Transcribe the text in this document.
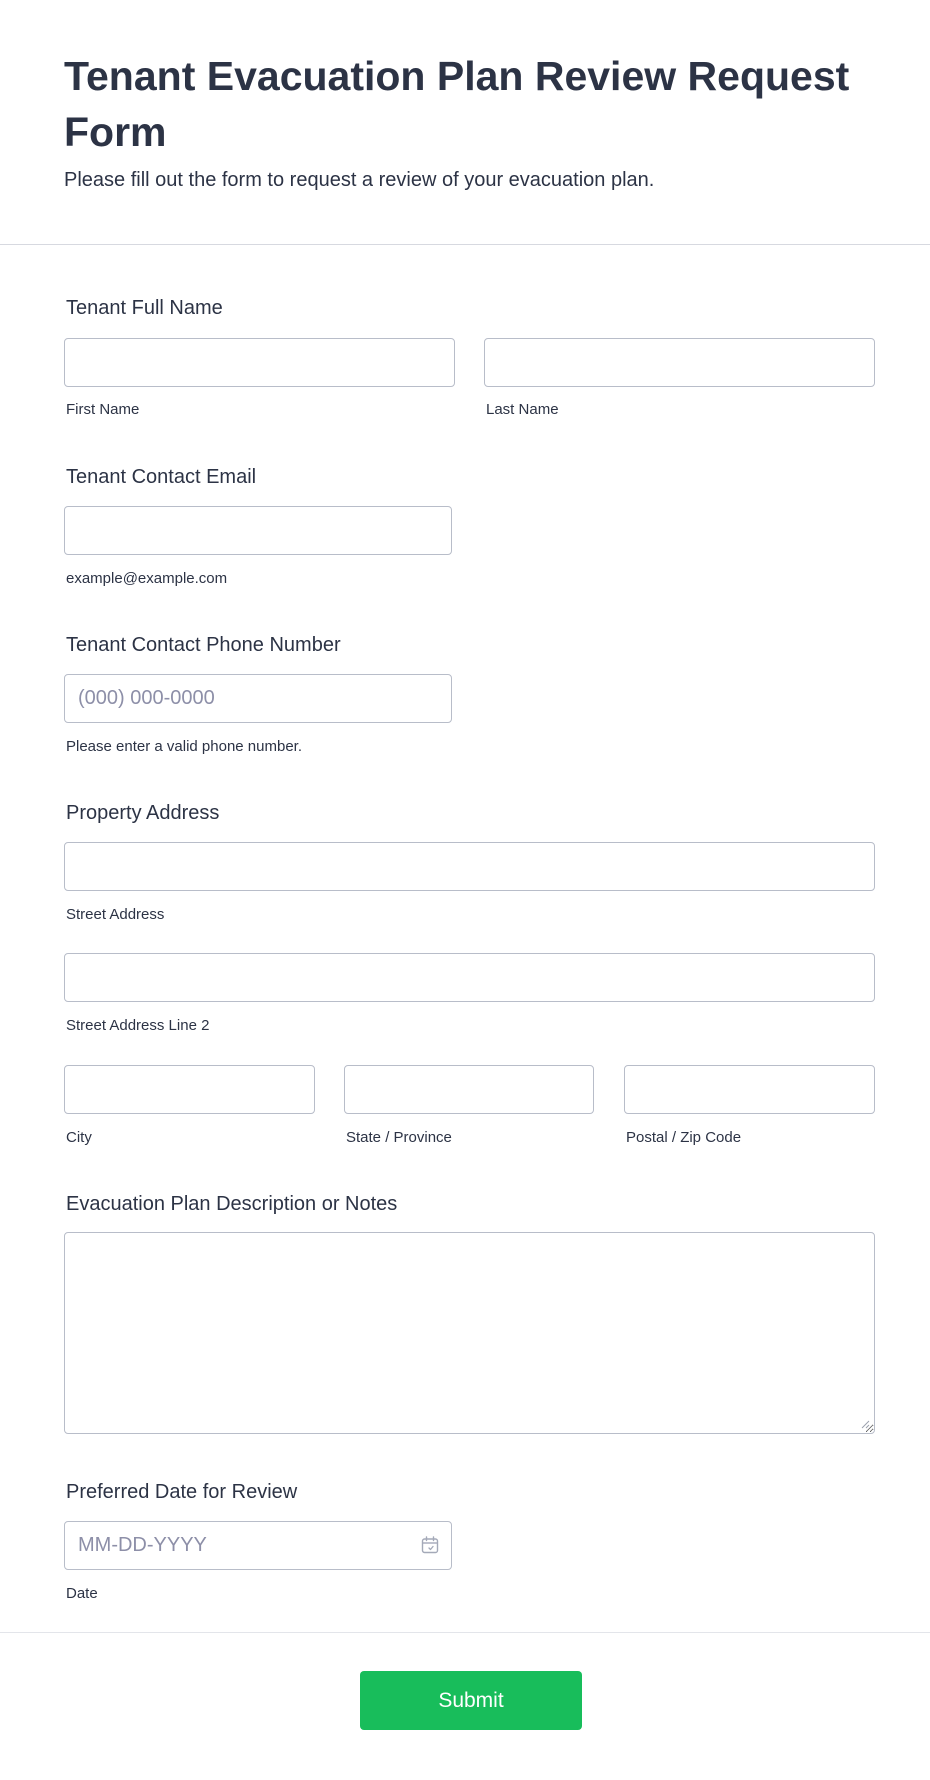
Tenant Evacuation Plan Review Request Form

Please fill out the form to request a review of your evacuation plan.

Tenant Full Name

First Name	Last Name

Tenant Contact Email

example@example.com

Tenant Contact Phone Number

(000) 000-0000

Please enter a valid phone number.

Property Address

Street Address

Street Address Line 2

City	State / Province	Postal / Zip Code

Evacuation Plan Description or Notes

Preferred Date for Review

MM-DD-YYYY

Date

Submit
